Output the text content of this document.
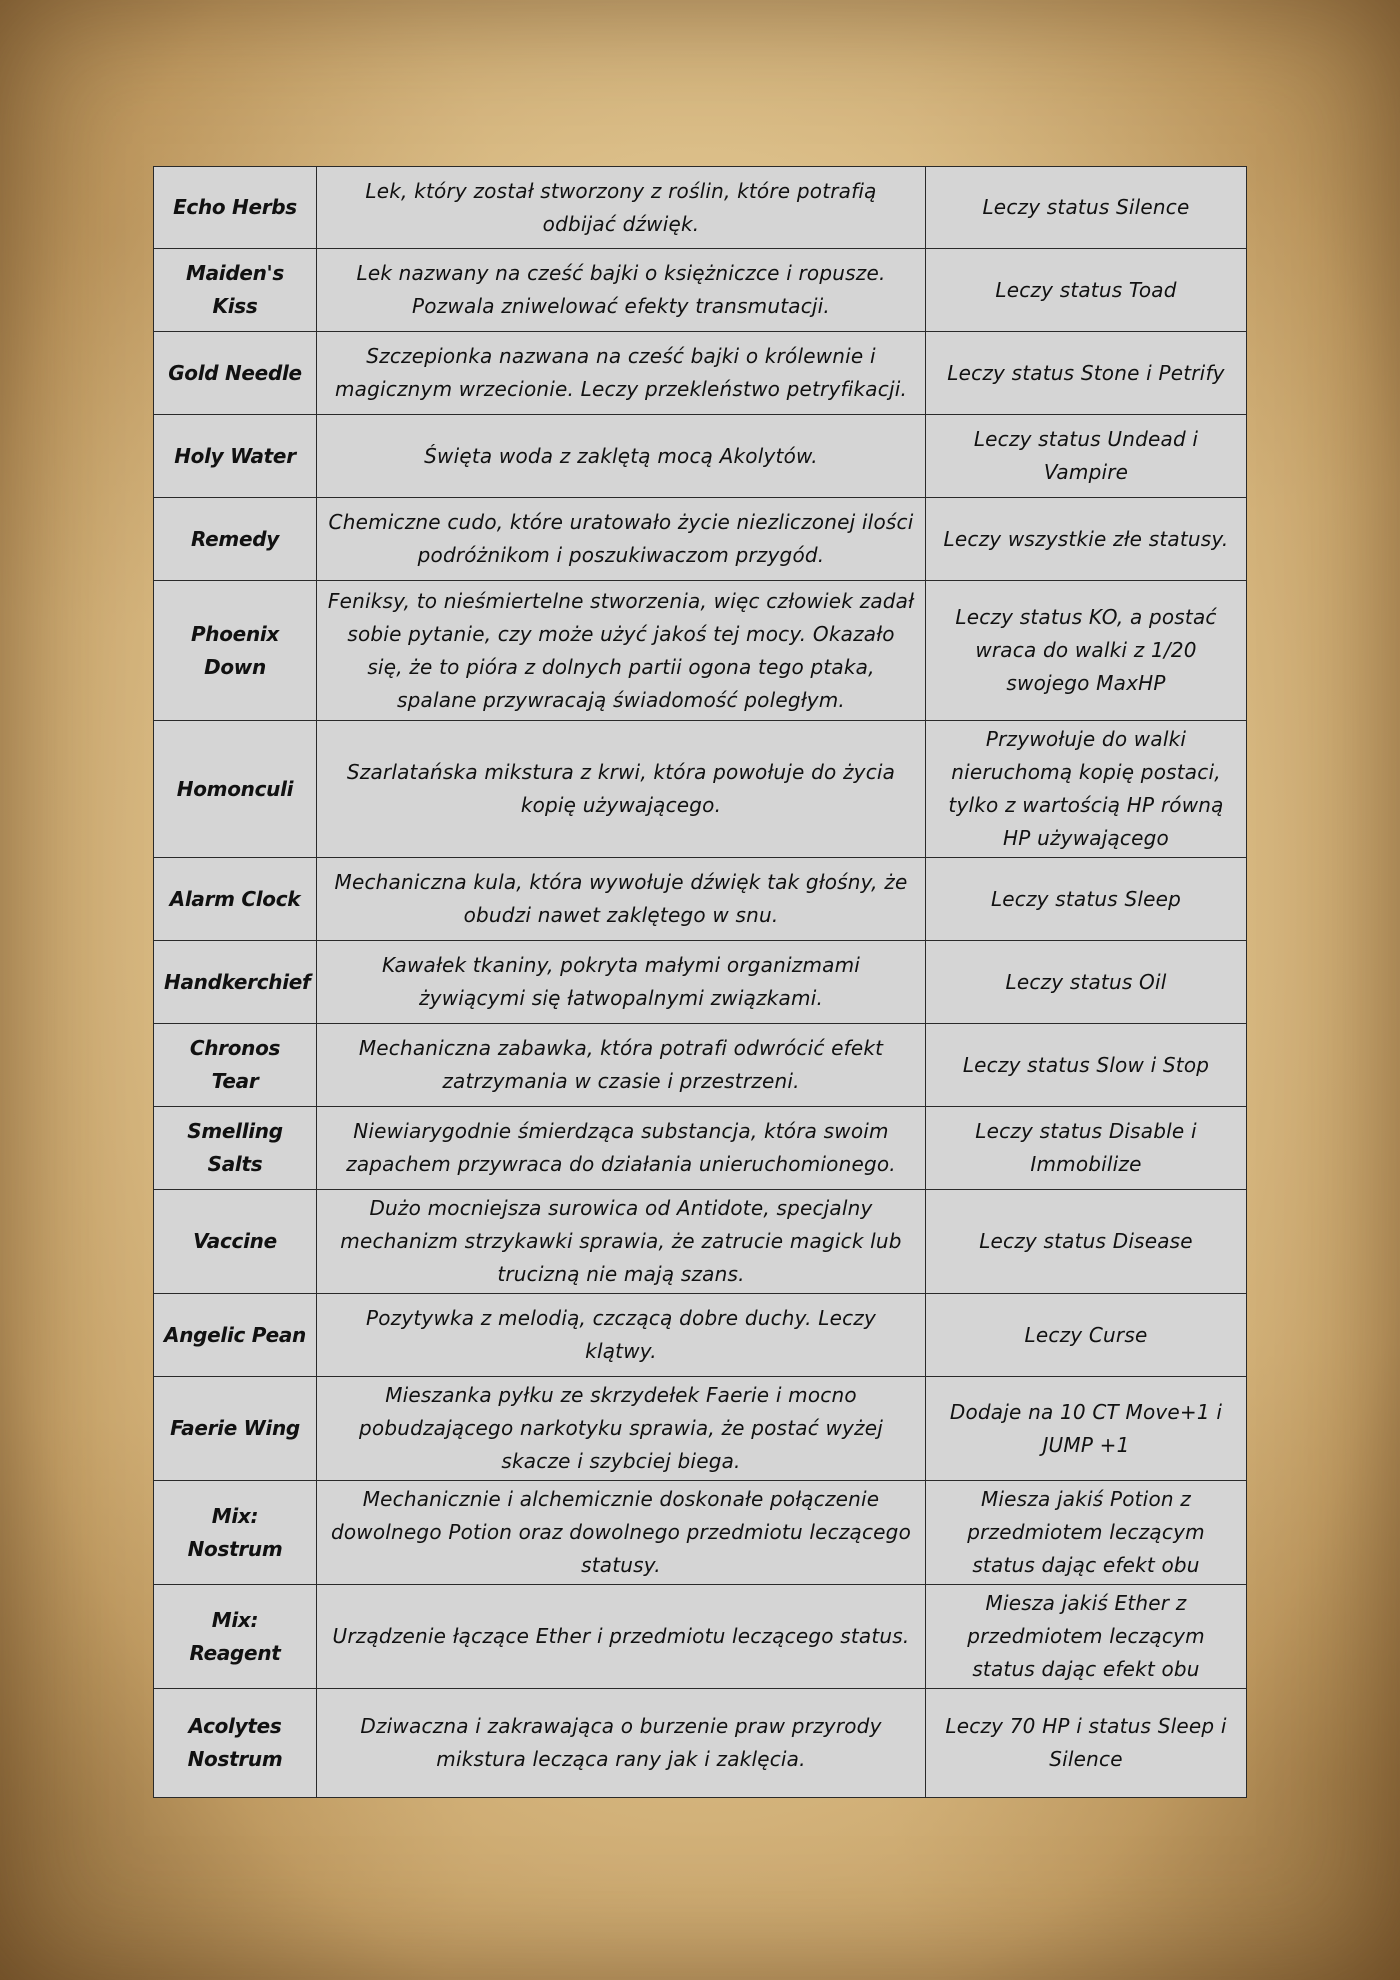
Echo Herbs	Lek, który został stworzony z roślin, które potrafią odbijać dźwięk.	Leczy status Silence
Maiden's Kiss	Lek nazwany na cześć bajki o księżniczce i ropusze. Pozwala zniwelować efekty transmutacji.	Leczy status Toad
Gold Needle	Szczepionka nazwana na cześć bajki o królewnie i magicznym wrzecionie. Leczy przekleństwo petryfikacji.	Leczy status Stone i Petrify
Holy Water	Święta woda z zaklętą mocą Akolytów.	Leczy status Undead i Vampire
Remedy	Chemiczne cudo, które uratowało życie niezliczonej ilości podróżnikom i poszukiwaczom przygód.	Leczy wszystkie złe statusy.
Phoenix Down	Feniksy, to nieśmiertelne stworzenia, więc człowiek zadał sobie pytanie, czy może użyć jakoś tej mocy. Okazało się, że to pióra z dolnych partii ogona tego ptaka, spalane przywracają świadomość poległym.	Leczy status KO, a postać wraca do walki z 1/20 swojego MaxHP
Homonculi	Szarlatańska mikstura z krwi, która powołuje do życia kopię używającego.	Przywołuje do walki nieruchomą kopię postaci, tylko z wartością HP równą HP używającego
Alarm Clock	Mechaniczna kula, która wywołuje dźwięk tak głośny, że obudzi nawet zaklętego w snu.	Leczy status Sleep
Handkerchief	Kawałek tkaniny, pokryta małymi organizmami żywiącymi się łatwopalnymi związkami.	Leczy status Oil
Chronos Tear	Mechaniczna zabawka, która potrafi odwrócić efekt zatrzymania w czasie i przestrzeni.	Leczy status Slow i Stop
Smelling Salts	Niewiarygodnie śmierdząca substancja, która swoim zapachem przywraca do działania unieruchomionego.	Leczy status Disable i Immobilize
Vaccine	Dużo mocniejsza surowica od Antidote, specjalny mechanizm strzykawki sprawia, że zatrucie magick lub trucizną nie mają szans.	Leczy status Disease
Angelic Pean	Pozytywka z melodią, czczącą dobre duchy. Leczy klątwy.	Leczy Curse
Faerie Wing	Mieszanka pyłku ze skrzydełek Faerie i mocno pobudzającego narkotyku sprawia, że postać wyżej skacze i szybciej biega.	Dodaje na 10 CT Move+1 i JUMP +1
Mix: Nostrum	Mechanicznie i alchemicznie doskonałe połączenie dowolnego Potion oraz dowolnego przedmiotu leczącego statusy.	Miesza jakiś Potion z przedmiotem leczącym status dając efekt obu
Mix: Reagent	Urządzenie łączące Ether i przedmiotu leczącego status.	Miesza jakiś Ether z przedmiotem leczącym status dając efekt obu
Acolytes Nostrum	Dziwaczna i zakrawająca o burzenie praw przyrody mikstura lecząca rany jak i zaklęcia.	Leczy 70 HP i status Sleep i Silence
